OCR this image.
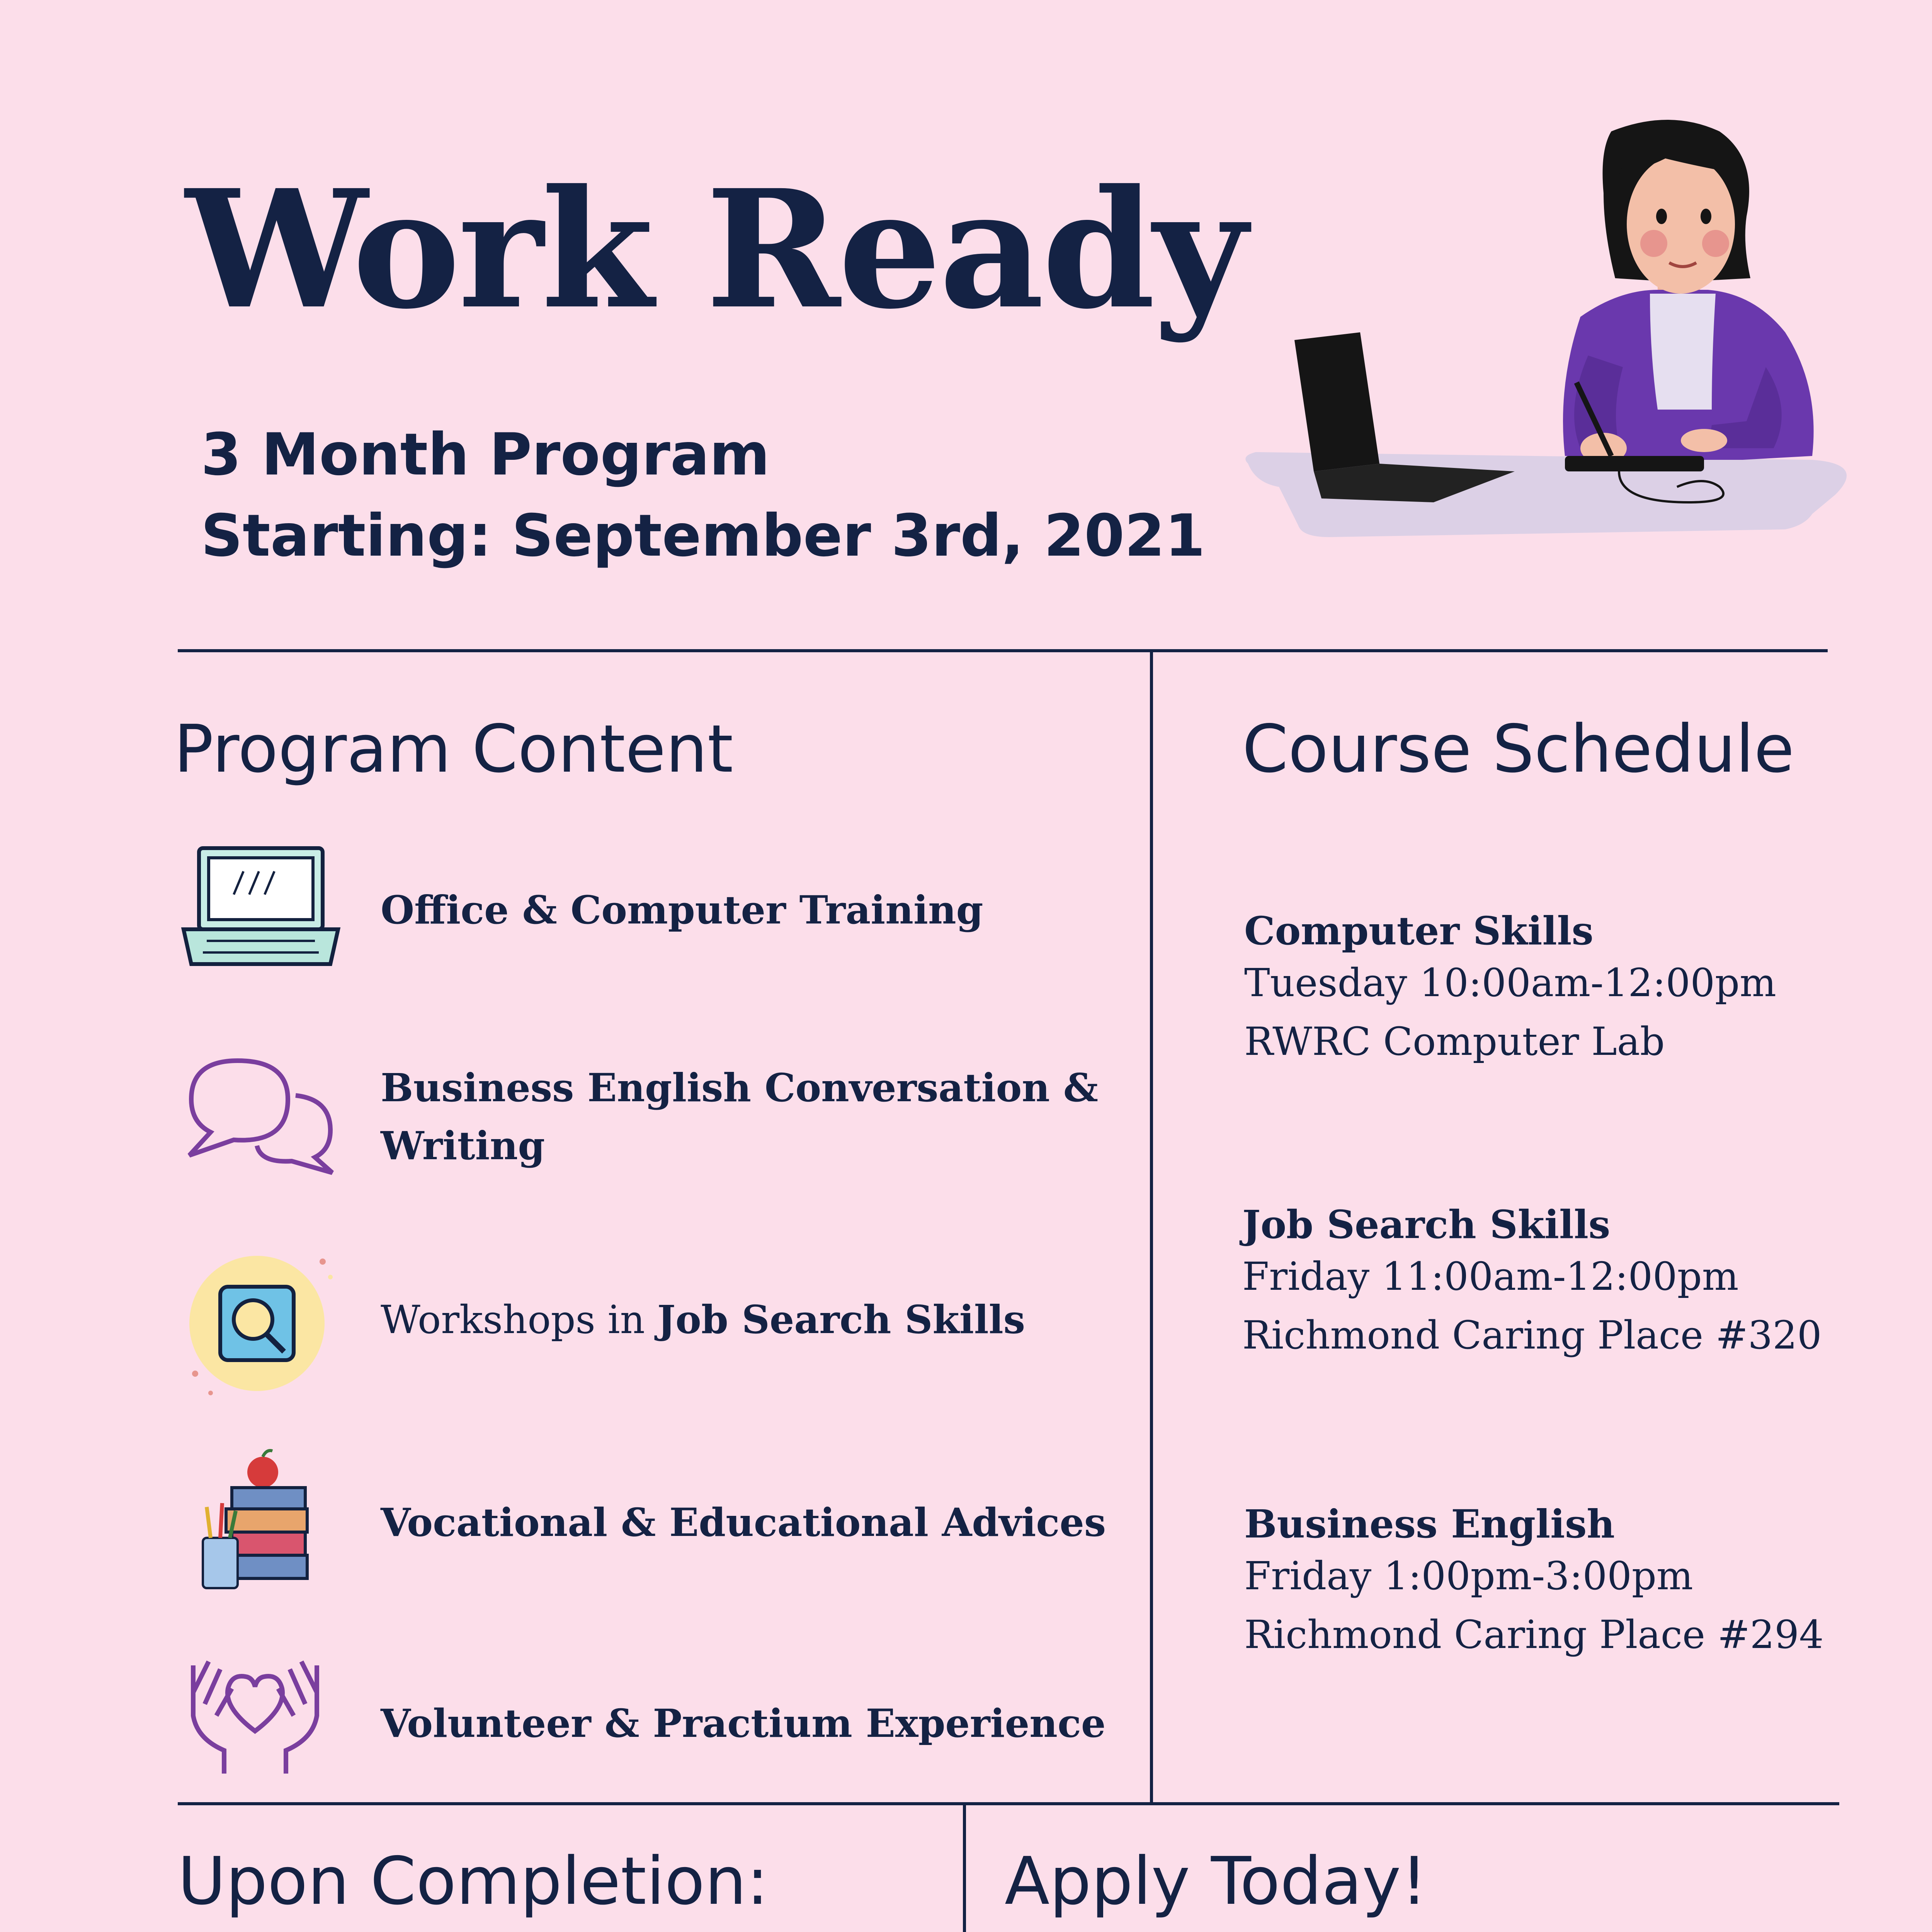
Work Ready
3 Month Program
Starting: September 3rd, 2021
Program Content
Office & Computer Training
Business English Conversation &
Writing
Workshops in Job Search Skills
Vocational & Educational Advices
Volunteer & Practium Experience
Course Schedule
Computer Skills
Tuesday 10:00am-12:00pm
RWRC Computer Lab
Job Search Skills
Friday 11:00am-12:00pm
Richmond Caring Place #320
Business English
Friday 1:00pm-3:00pm
Richmond Caring Place #294
Upon Completion:	Apply Today!
